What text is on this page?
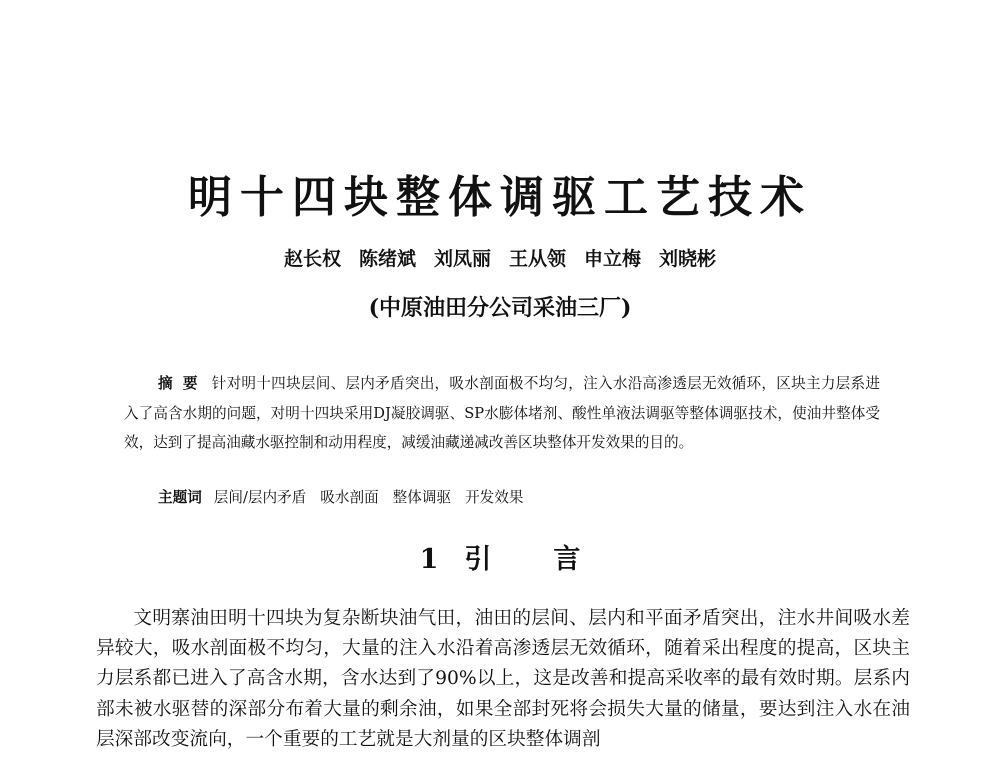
明十四块整体调驱工艺技术
赵长权 陈绪斌 刘凤丽 王从领 申立梅 刘晓彬
(中原油田分公司采油三厂)
摘要 针对明十四块层间、层内矛盾突出，吸水剖面极不均匀，注入水沿高渗透层无效循环，区块主力层系进入了高含水期的问题，对明十四块采用DJ凝胶调驱、SP水膨体堵剂、酸性单液法调驱等整体调驱技术，使油井整体受效，达到了提高油藏水驱控制和动用程度，减缓油藏递减改善区块整体开发效果的目的。
主题词 层间/层内矛盾 吸水剖面 整体调驱 开发效果
1 引 言

文明寨油田明十四块为复杂断块油气田，油田的层间、层内和平面矛盾突出，注水井间吸水差异较大，吸水剖面极不均匀，大量的注入水沿着高渗透层无效循环，随着采出程度的提高，区块主力层系都已进入了高含水期，含水达到了90%以上，这是改善和提高采收率的最有效时期。层系内部未被水驱替的深部分布着大量的剩余油，如果全部封死将会损失大量的储量，要达到注入水在油层深部改变流向，一个重要的工艺就是大剂量的区块整体调剖
